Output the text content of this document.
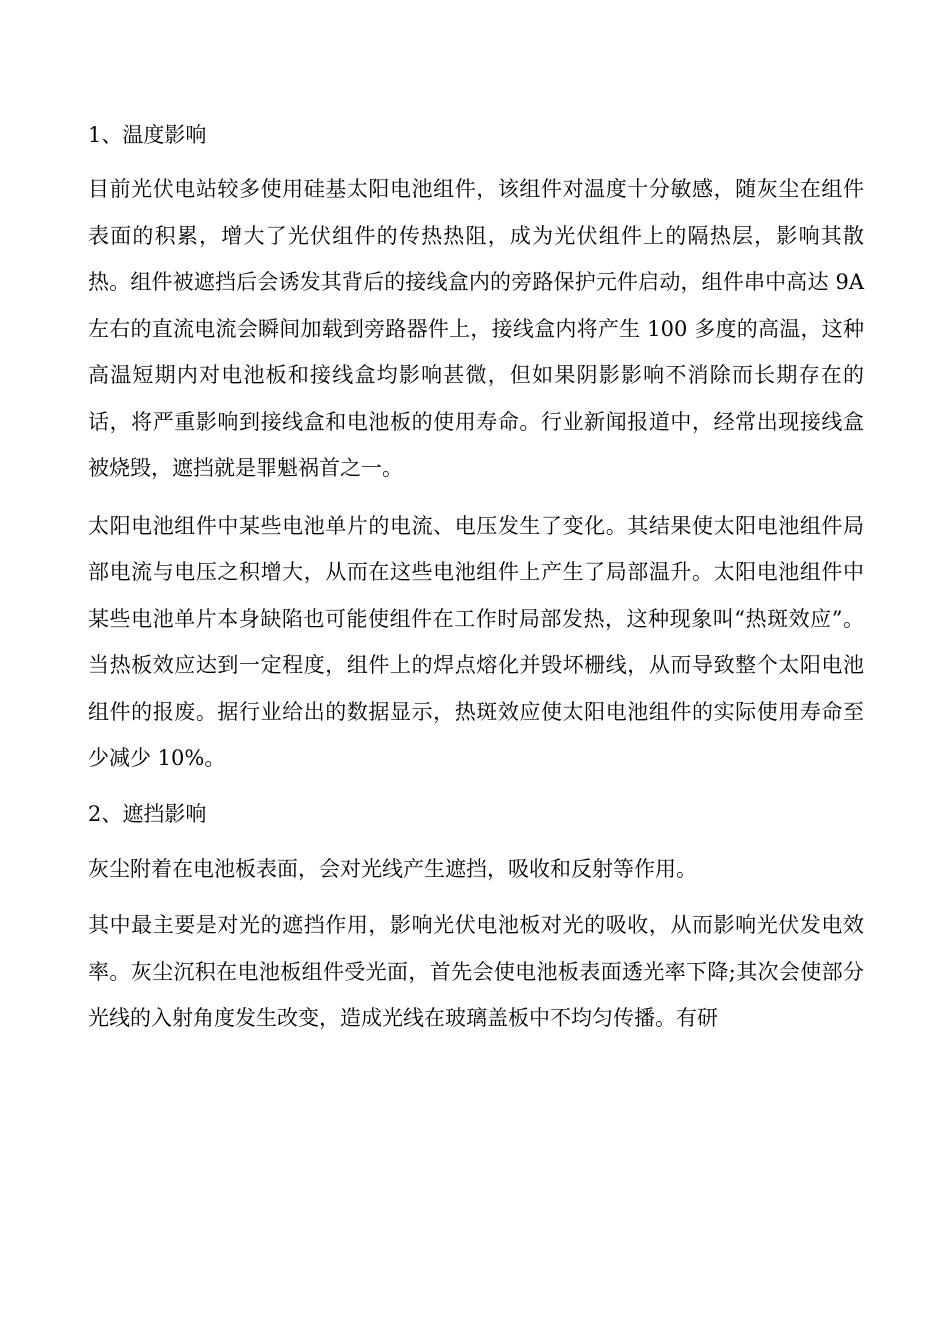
1、温度影响

目前光伏电站较多使用硅基太阳电池组件，该组件对温度十分敏感，随灰尘在组件表面的积累，增大了光伏组件的传热热阻，成为光伏组件上的隔热层，影响其散热。组件被遮挡后会诱发其背后的接线盒内的旁路保护元件启动，组件串中高达 9A 左右的直流电流会瞬间加载到旁路器件上，接线盒内将产生 100 多度的高温，这种高温短期内对电池板和接线盒均影响甚微，但如果阴影影响不消除而长期存在的话，将严重影响到接线盒和电池板的使用寿命。行业新闻报道中，经常出现接线盒被烧毁，遮挡就是罪魁祸首之一。

太阳电池组件中某些电池单片的电流、电压发生了变化。其结果使太阳电池组件局部电流与电压之积增大，从而在这些电池组件上产生了局部温升。太阳电池组件中某些电池单片本身缺陷也可能使组件在工作时局部发热，这种现象叫“热斑效应”。当热板效应达到一定程度，组件上的焊点熔化并毁坏栅线，从而导致整个太阳电池组件的报废。据行业给出的数据显示，热斑效应使太阳电池组件的实际使用寿命至少减少 10%。

2、遮挡影响

灰尘附着在电池板表面，会对光线产生遮挡，吸收和反射等作用。

其中最主要是对光的遮挡作用，影响光伏电池板对光的吸收，从而影响光伏发电效率。灰尘沉积在电池板组件受光面，首先会使电池板表面透光率下降;其次会使部分光线的入射角度发生改变，造成光线在玻璃盖板中不均匀传播。有研
